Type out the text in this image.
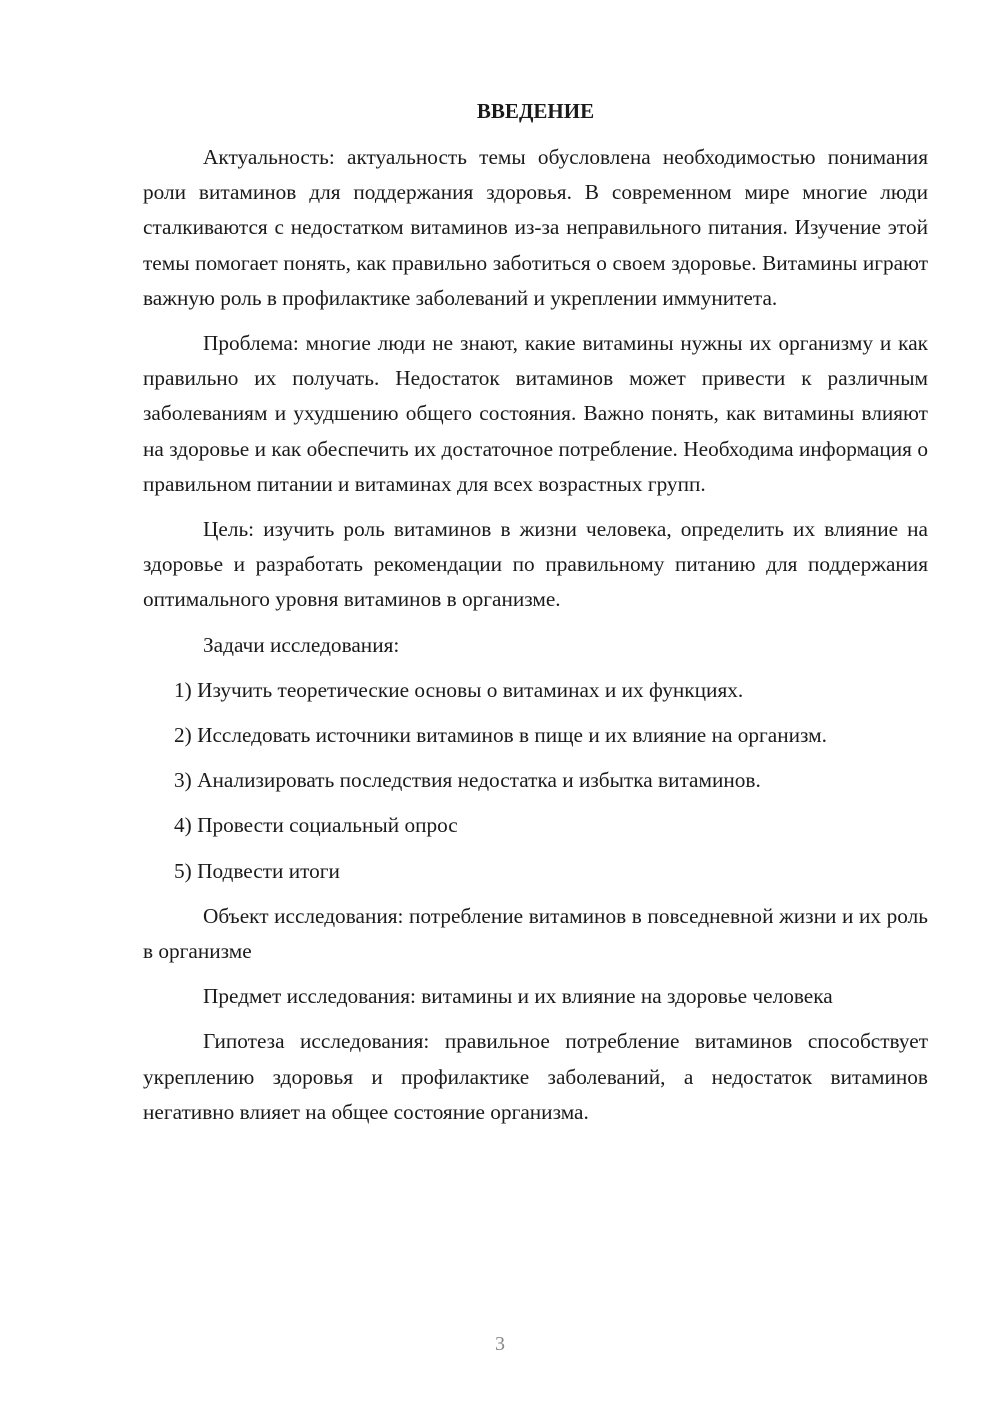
ВВЕДЕНИЕ

Актуальность: актуальность темы обусловлена необходимостью понимания роли витаминов для поддержания здоровья. В современном мире многие люди сталкиваются с недостатком витаминов из-за неправильного питания. Изучение этой темы помогает понять, как правильно заботиться о своем здоровье. Витамины играют важную роль в профилактике заболеваний и укреплении иммунитета.

Проблема: многие люди не знают, какие витамины нужны их организму и как правильно их получать. Недостаток витаминов может привести к различным заболеваниям и ухудшению общего состояния. Важно понять, как витамины влияют на здоровье и как обеспечить их достаточное потребление. Необходима информация о правильном питании и витаминах для всех возрастных групп.

Цель: изучить роль витаминов в жизни человека, определить их влияние на здоровье и разработать рекомендации по правильному питанию для поддержания оптимального уровня витаминов в организме.

Задачи исследования:

1) Изучить теоретические основы о витаминах и их функциях.

2) Исследовать источники витаминов в пище и их влияние на организм.

3) Анализировать последствия недостатка и избытка витаминов.

4) Провести социальный опрос

5) Подвести итоги

Объект исследования: потребление витаминов в повседневной жизни и их роль в организме

Предмет исследования: витамины и их влияние на здоровье человека

Гипотеза исследования: правильное потребление витаминов способствует укреплению здоровья и профилактике заболеваний, а недостаток витаминов негативно влияет на общее состояние организма.

3
